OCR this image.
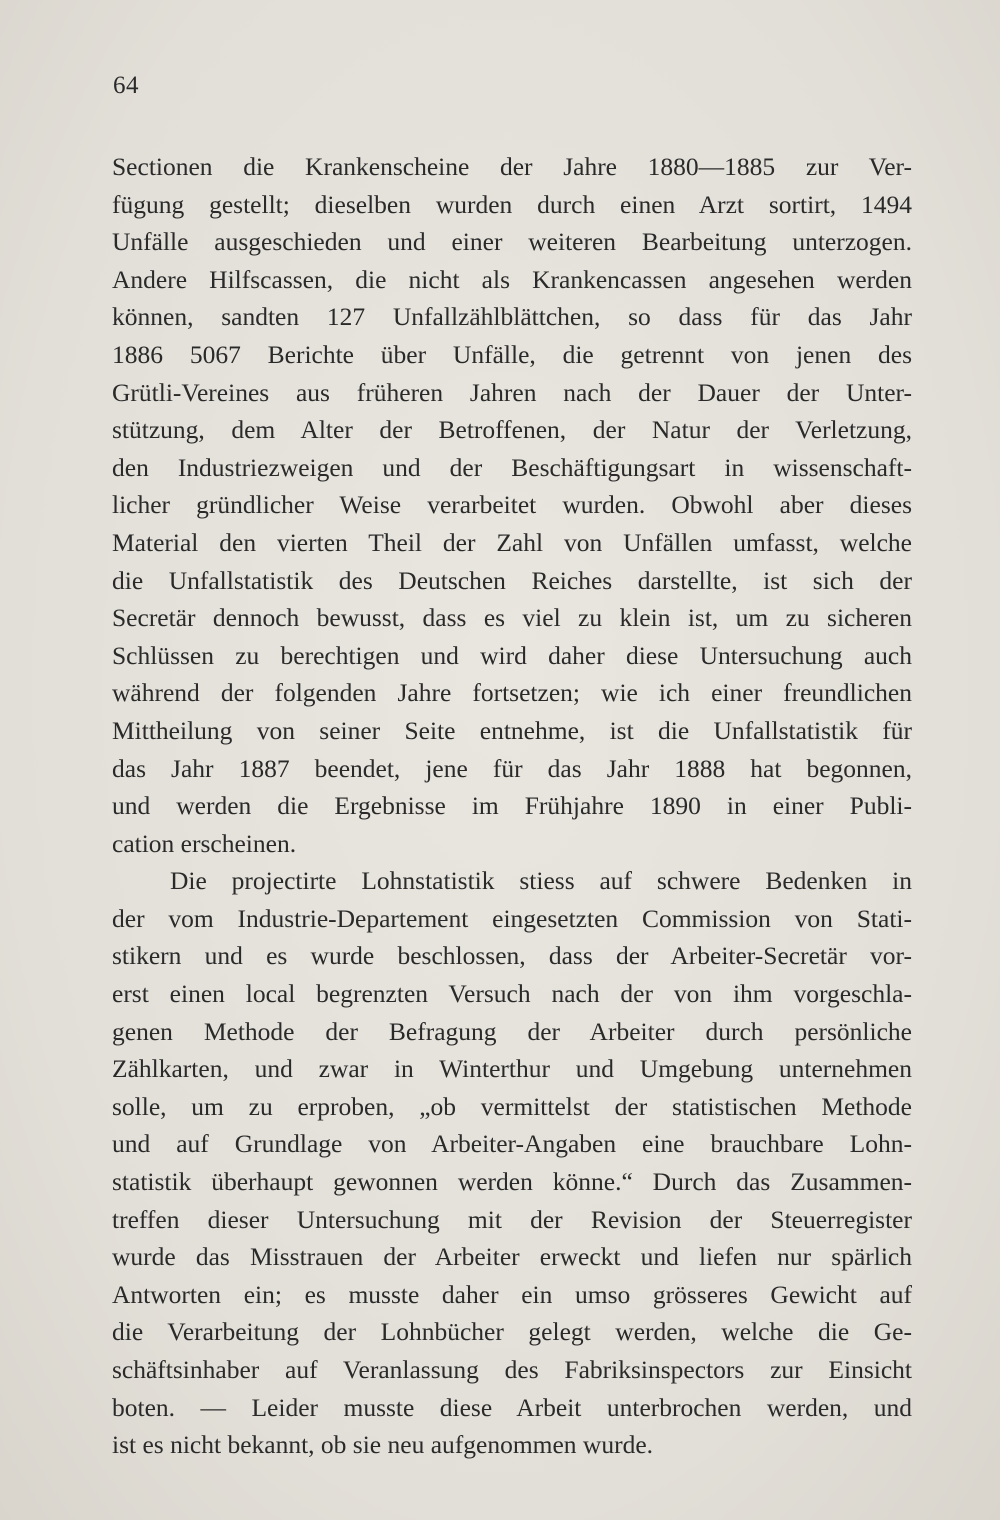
64
Sectionen die Krankenscheine der Jahre 1880—1885 zur Ver-
fügung gestellt; dieselben wurden durch einen Arzt sortirt, 1494
Unfälle ausgeschieden und einer weiteren Bearbeitung unterzogen.
Andere Hilfscassen, die nicht als Krankencassen angesehen werden
können, sandten 127 Unfallzählblättchen, so dass für das Jahr
1886 5067 Berichte über Unfälle, die getrennt von jenen des
Grütli-Vereines aus früheren Jahren nach der Dauer der Unter-
stützung, dem Alter der Betroffenen, der Natur der Verletzung,
den Industriezweigen und der Beschäftigungsart in wissenschaft-
licher gründlicher Weise verarbeitet wurden. Obwohl aber dieses
Material den vierten Theil der Zahl von Unfällen umfasst, welche
die Unfallstatistik des Deutschen Reiches darstellte, ist sich der
Secretär dennoch bewusst, dass es viel zu klein ist, um zu sicheren
Schlüssen zu berechtigen und wird daher diese Untersuchung auch
während der folgenden Jahre fortsetzen; wie ich einer freundlichen
Mittheilung von seiner Seite entnehme, ist die Unfallstatistik für
das Jahr 1887 beendet, jene für das Jahr 1888 hat begonnen,
und werden die Ergebnisse im Frühjahre 1890 in einer Publi-
cation erscheinen.
Die projectirte Lohnstatistik stiess auf schwere Bedenken in
der vom Industrie-Departement eingesetzten Commission von Stati-
stikern und es wurde beschlossen, dass der Arbeiter-Secretär vor-
erst einen local begrenzten Versuch nach der von ihm vorgeschla-
genen Methode der Befragung der Arbeiter durch persönliche
Zählkarten, und zwar in Winterthur und Umgebung unternehmen
solle, um zu erproben, „ob vermittelst der statistischen Methode
und auf Grundlage von Arbeiter-Angaben eine brauchbare Lohn-
statistik überhaupt gewonnen werden könne.“ Durch das Zusammen-
treffen dieser Untersuchung mit der Revision der Steuerregister
wurde das Misstrauen der Arbeiter erweckt und liefen nur spärlich
Antworten ein; es musste daher ein umso grösseres Gewicht auf
die Verarbeitung der Lohnbücher gelegt werden, welche die Ge-
schäftsinhaber auf Veranlassung des Fabriksinspectors zur Einsicht
boten. — Leider musste diese Arbeit unterbrochen werden, und
ist es nicht bekannt, ob sie neu aufgenommen wurde.
